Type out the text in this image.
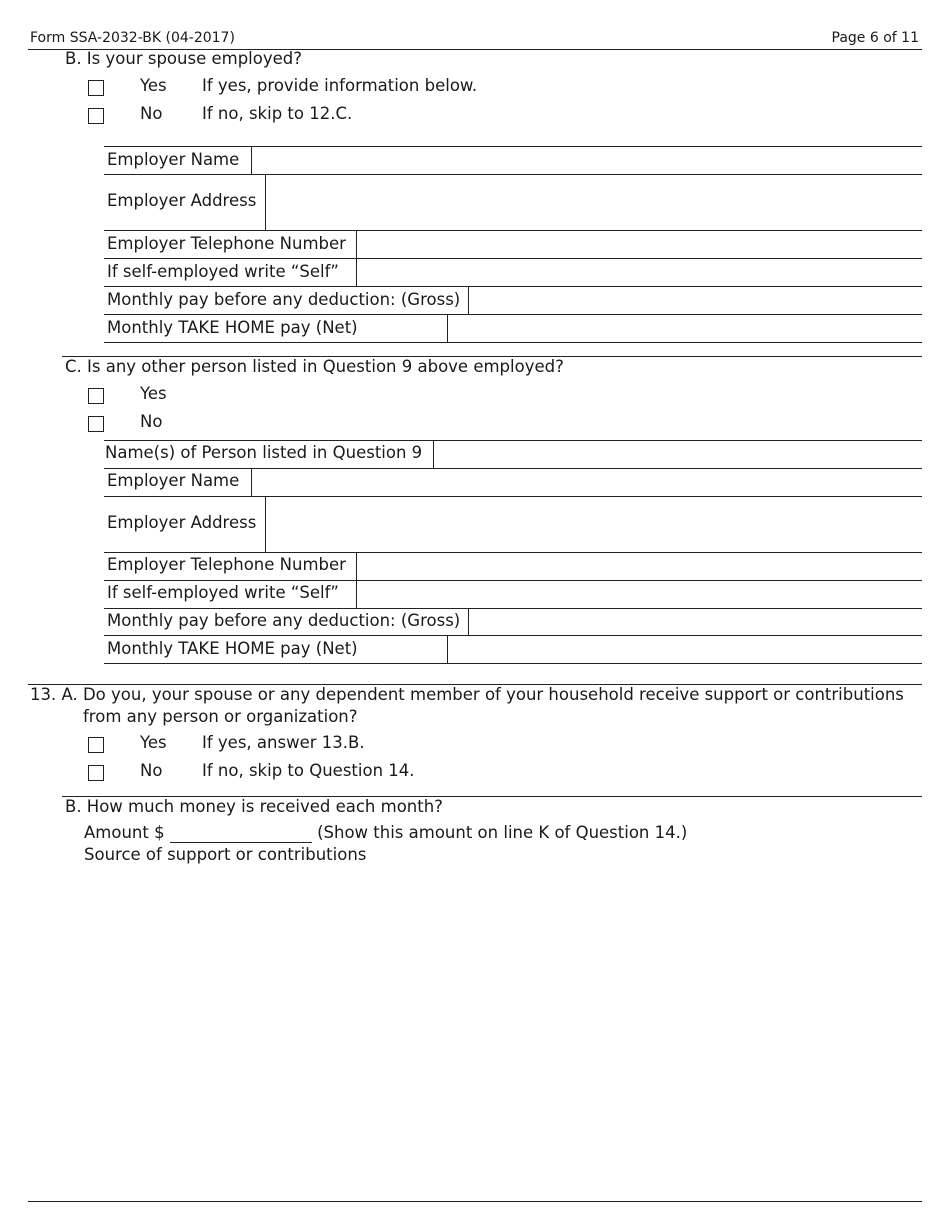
Form SSA-2032-BK (04-2017)	Page 6 of 11
B. Is your spouse employed?
Yes If yes, provide information below.
No If no, skip to 12.C.
Employer Name
Employer Address
Employer Telephone Number
If self-employed write “Self”
Monthly pay before any deduction: (Gross)
Monthly TAKE HOME pay (Net)
C. Is any other person listed in Question 9 above employed?
Yes
No
Name(s) of Person listed in Question 9
Employer Name
Employer Address
Employer Telephone Number
If self-employed write “Self”
Monthly pay before any deduction: (Gross)
Monthly TAKE HOME pay (Net)
13. A. Do you, your spouse or any dependent member of your household receive support or contributions
from any person or organization?
Yes If yes, answer 13.B.
No If no, skip to Question 14.
B. How much money is received each month?
Amount $	(Show this amount on line K of Question 14.)
Source of support or contributions
